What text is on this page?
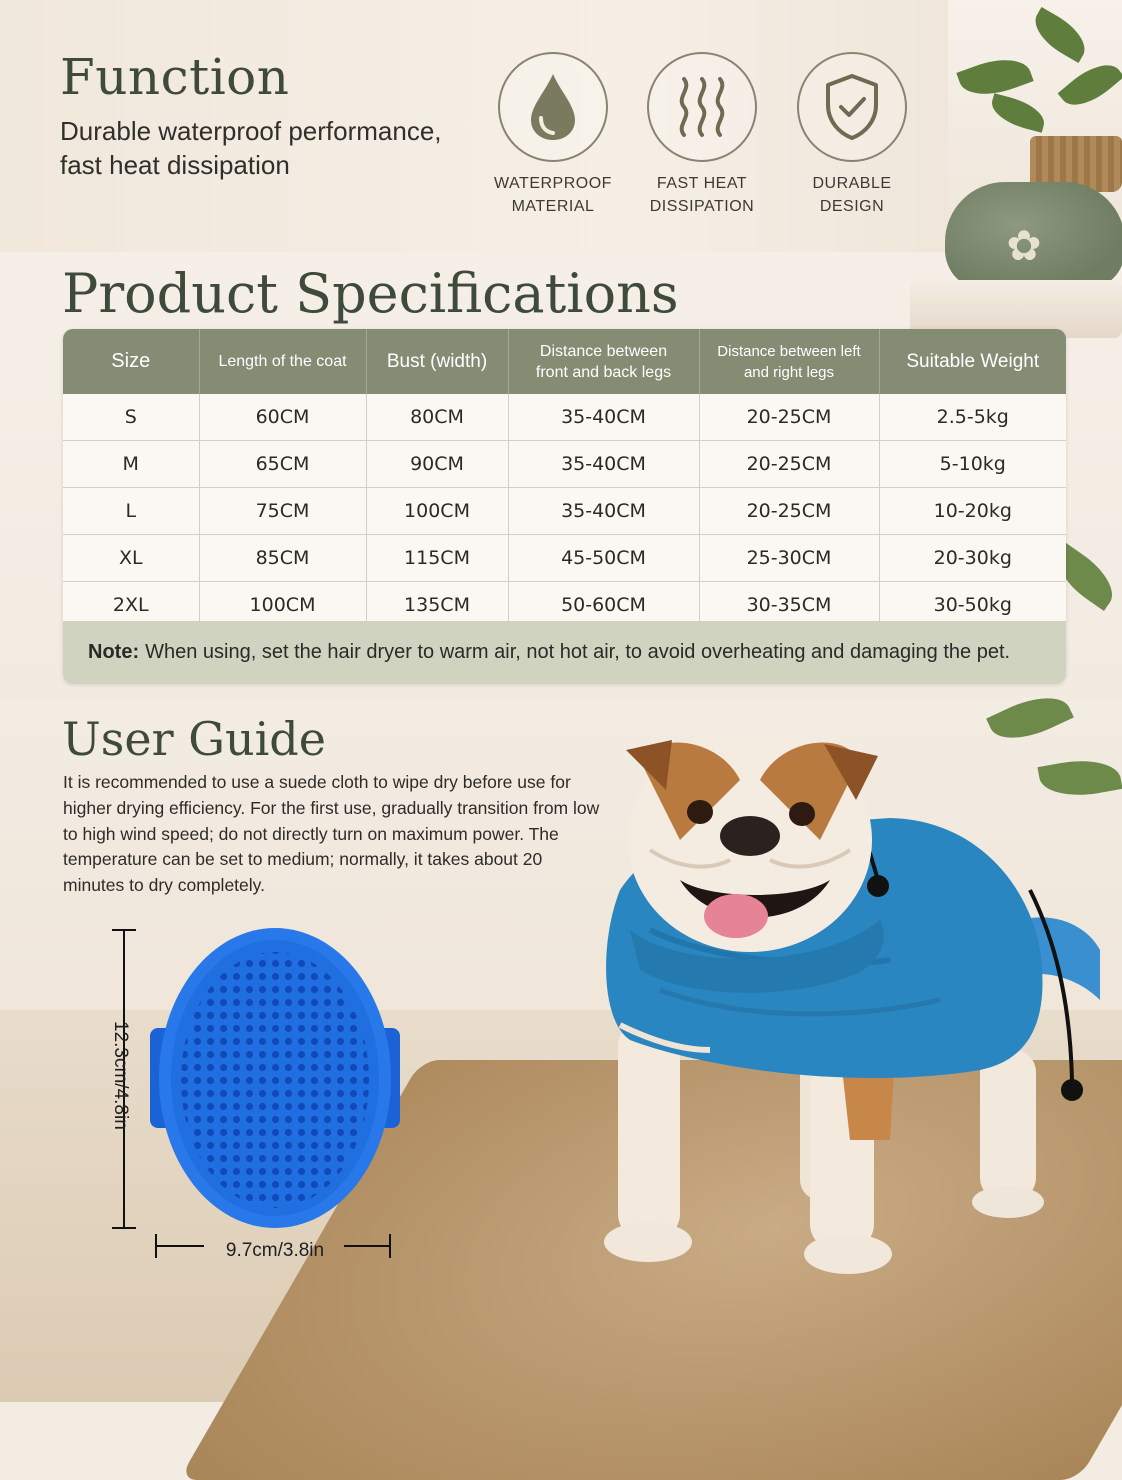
✿
Function

Durable waterproof performance, fast heat dissipation

WATERPROOF
MATERIAL
FAST HEAT
DISSIPATION
DURABLE
DESIGN
Product Specifications
Size	Length of the coat	Bust (width)	Distance between front and back legs	Distance between left and right legs	Suitable Weight
S	60CM	80CM	35-40CM	20-25CM	2.5-5kg
M	65CM	90CM	35-40CM	20-25CM	5-10kg
L	75CM	100CM	35-40CM	20-25CM	10-20kg
XL	85CM	115CM	45-50CM	25-30CM	20-30kg
2XL	100CM	135CM	50-60CM	30-35CM	30-50kg
Note: When using, set the hair dryer to warm air, not hot air, to avoid overheating and damaging the pet.
User Guide

It is recommended to use a suede cloth to wipe dry before use for higher drying efficiency. For the first use, gradually transition from low to high wind speed; do not directly turn on maximum power. The temperature can be set to medium; normally, it takes about 20 minutes to dry completely.

12.3cm/4.8in
9.7cm/3.8in
